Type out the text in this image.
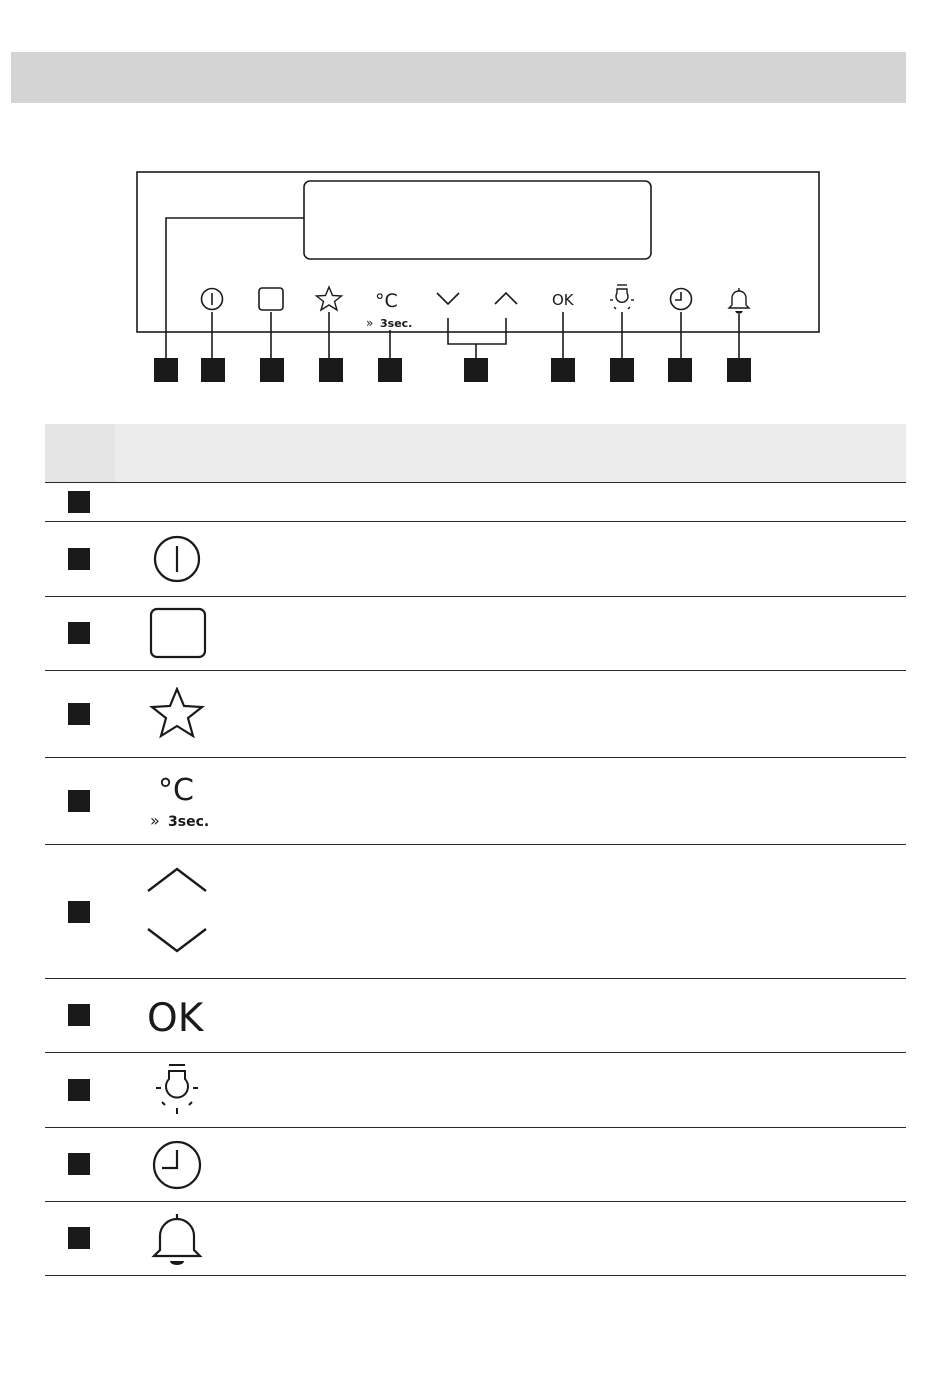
°C
» 3sec.
OK
°C
» 3sec.
OK
